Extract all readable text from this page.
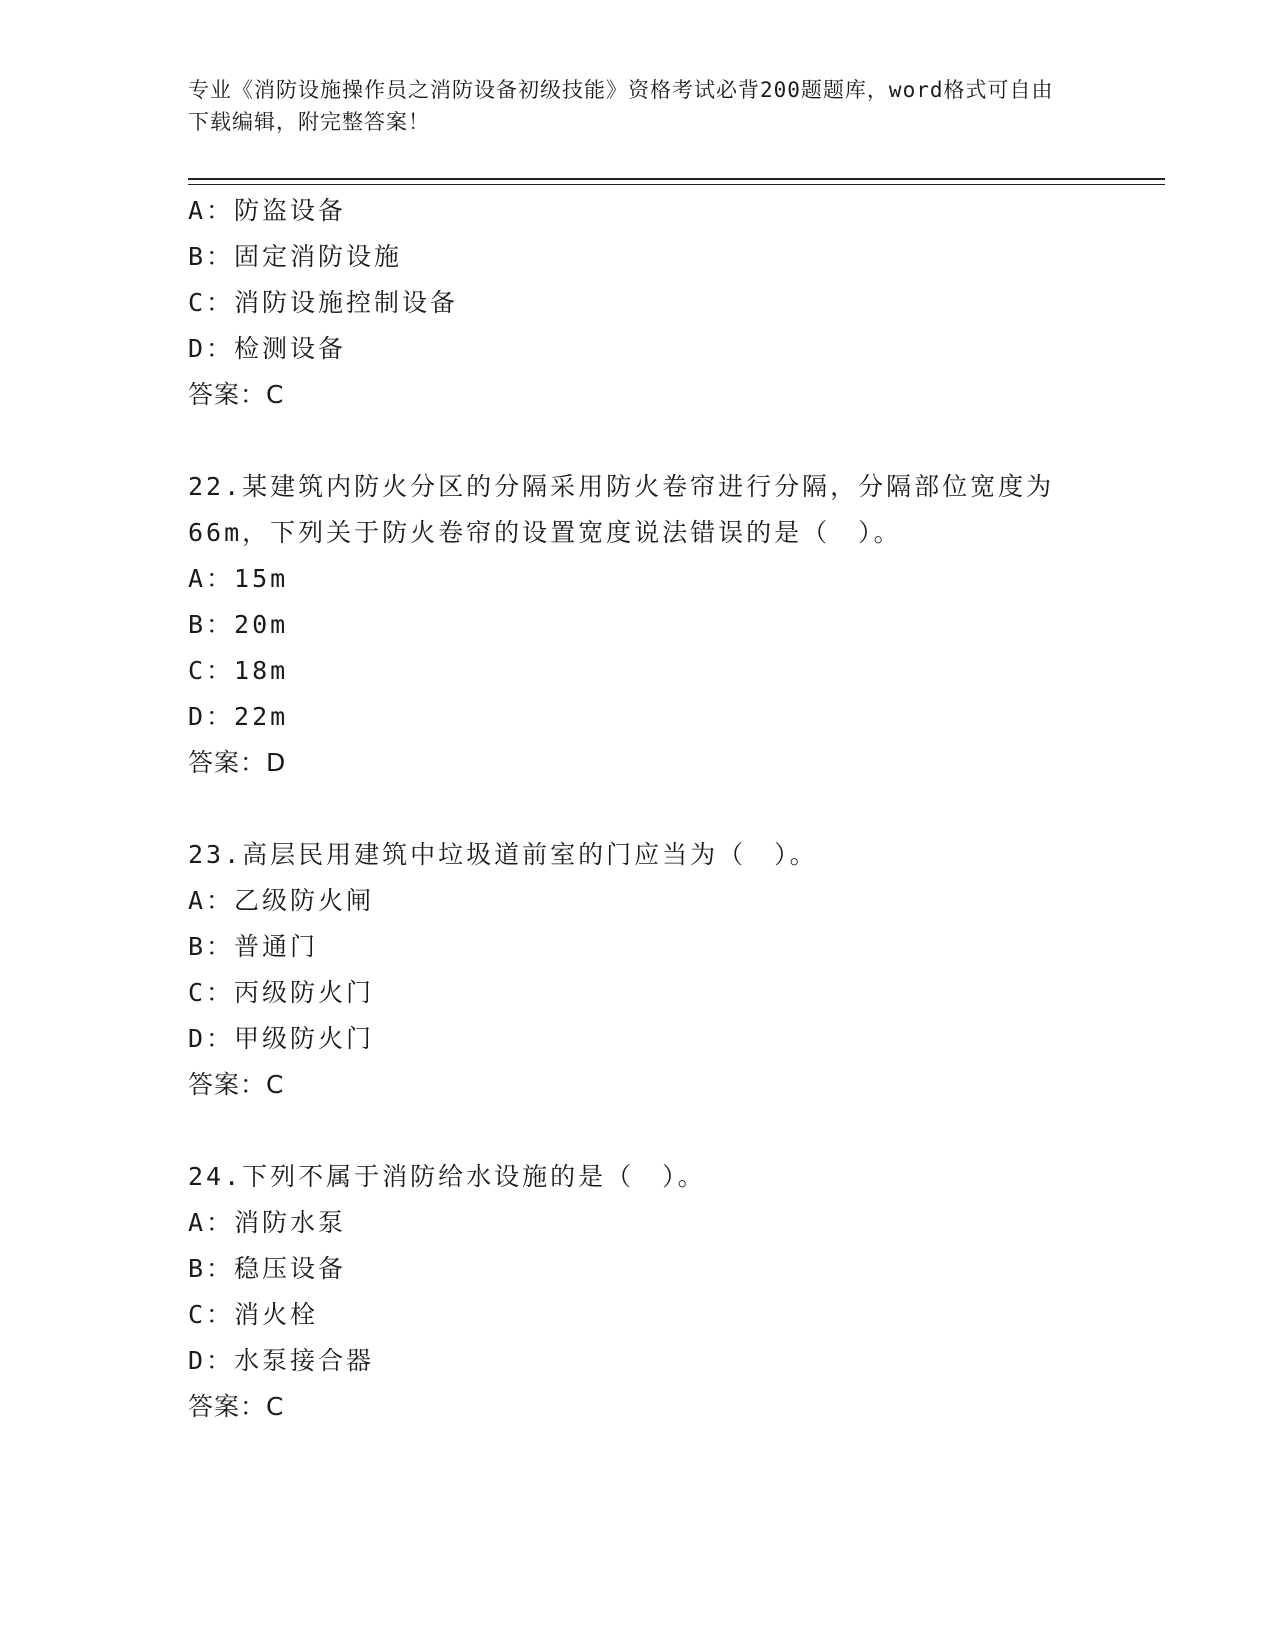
专业《消防设施操作员之消防设备初级技能》资格考试必背200题题库，word格式可自由下载编辑，附完整答案！
A：防盗设备
B：固定消防设施
C：消防设施控制设备
D：检测设备
答案：C
22.某建筑内防火分区的分隔采用防火卷帘进行分隔，分隔部位宽度为
66m，下列关于防火卷帘的设置宽度说法错误的是（　）。
A：15m
B：20m
C：18m
D：22m
答案：D
23.高层民用建筑中垃圾道前室的门应当为（　）。
A：乙级防火闸
B：普通门
C：丙级防火门
D：甲级防火门
答案：C
24.下列不属于消防给水设施的是（　）。
A：消防水泵
B：稳压设备
C：消火栓
D：水泵接合器
答案：C
